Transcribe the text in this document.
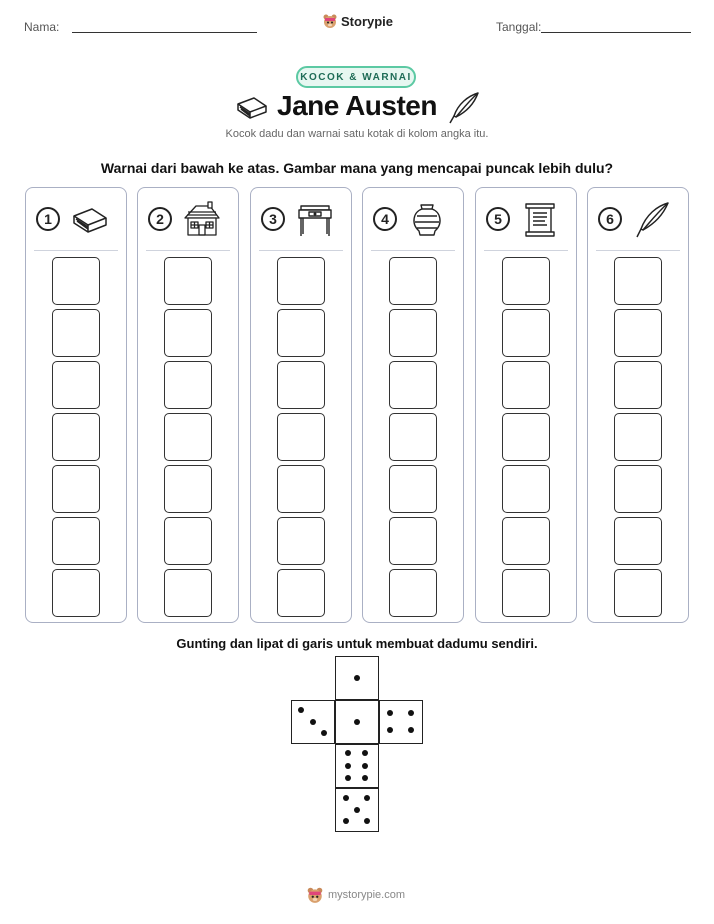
Nama:	Storypie	Tanggal:
KOCOK & WARNAI
Jane Austen
Kocok dadu dan warnai satu kotak di kolom angka itu.
Warnai dari bawah ke atas. Gambar mana yang mencapai puncak lebih dulu?
1	2	3	4	5	6
Gunting dan lipat di garis untuk membuat dadumu sendiri.
mystorypie.com
